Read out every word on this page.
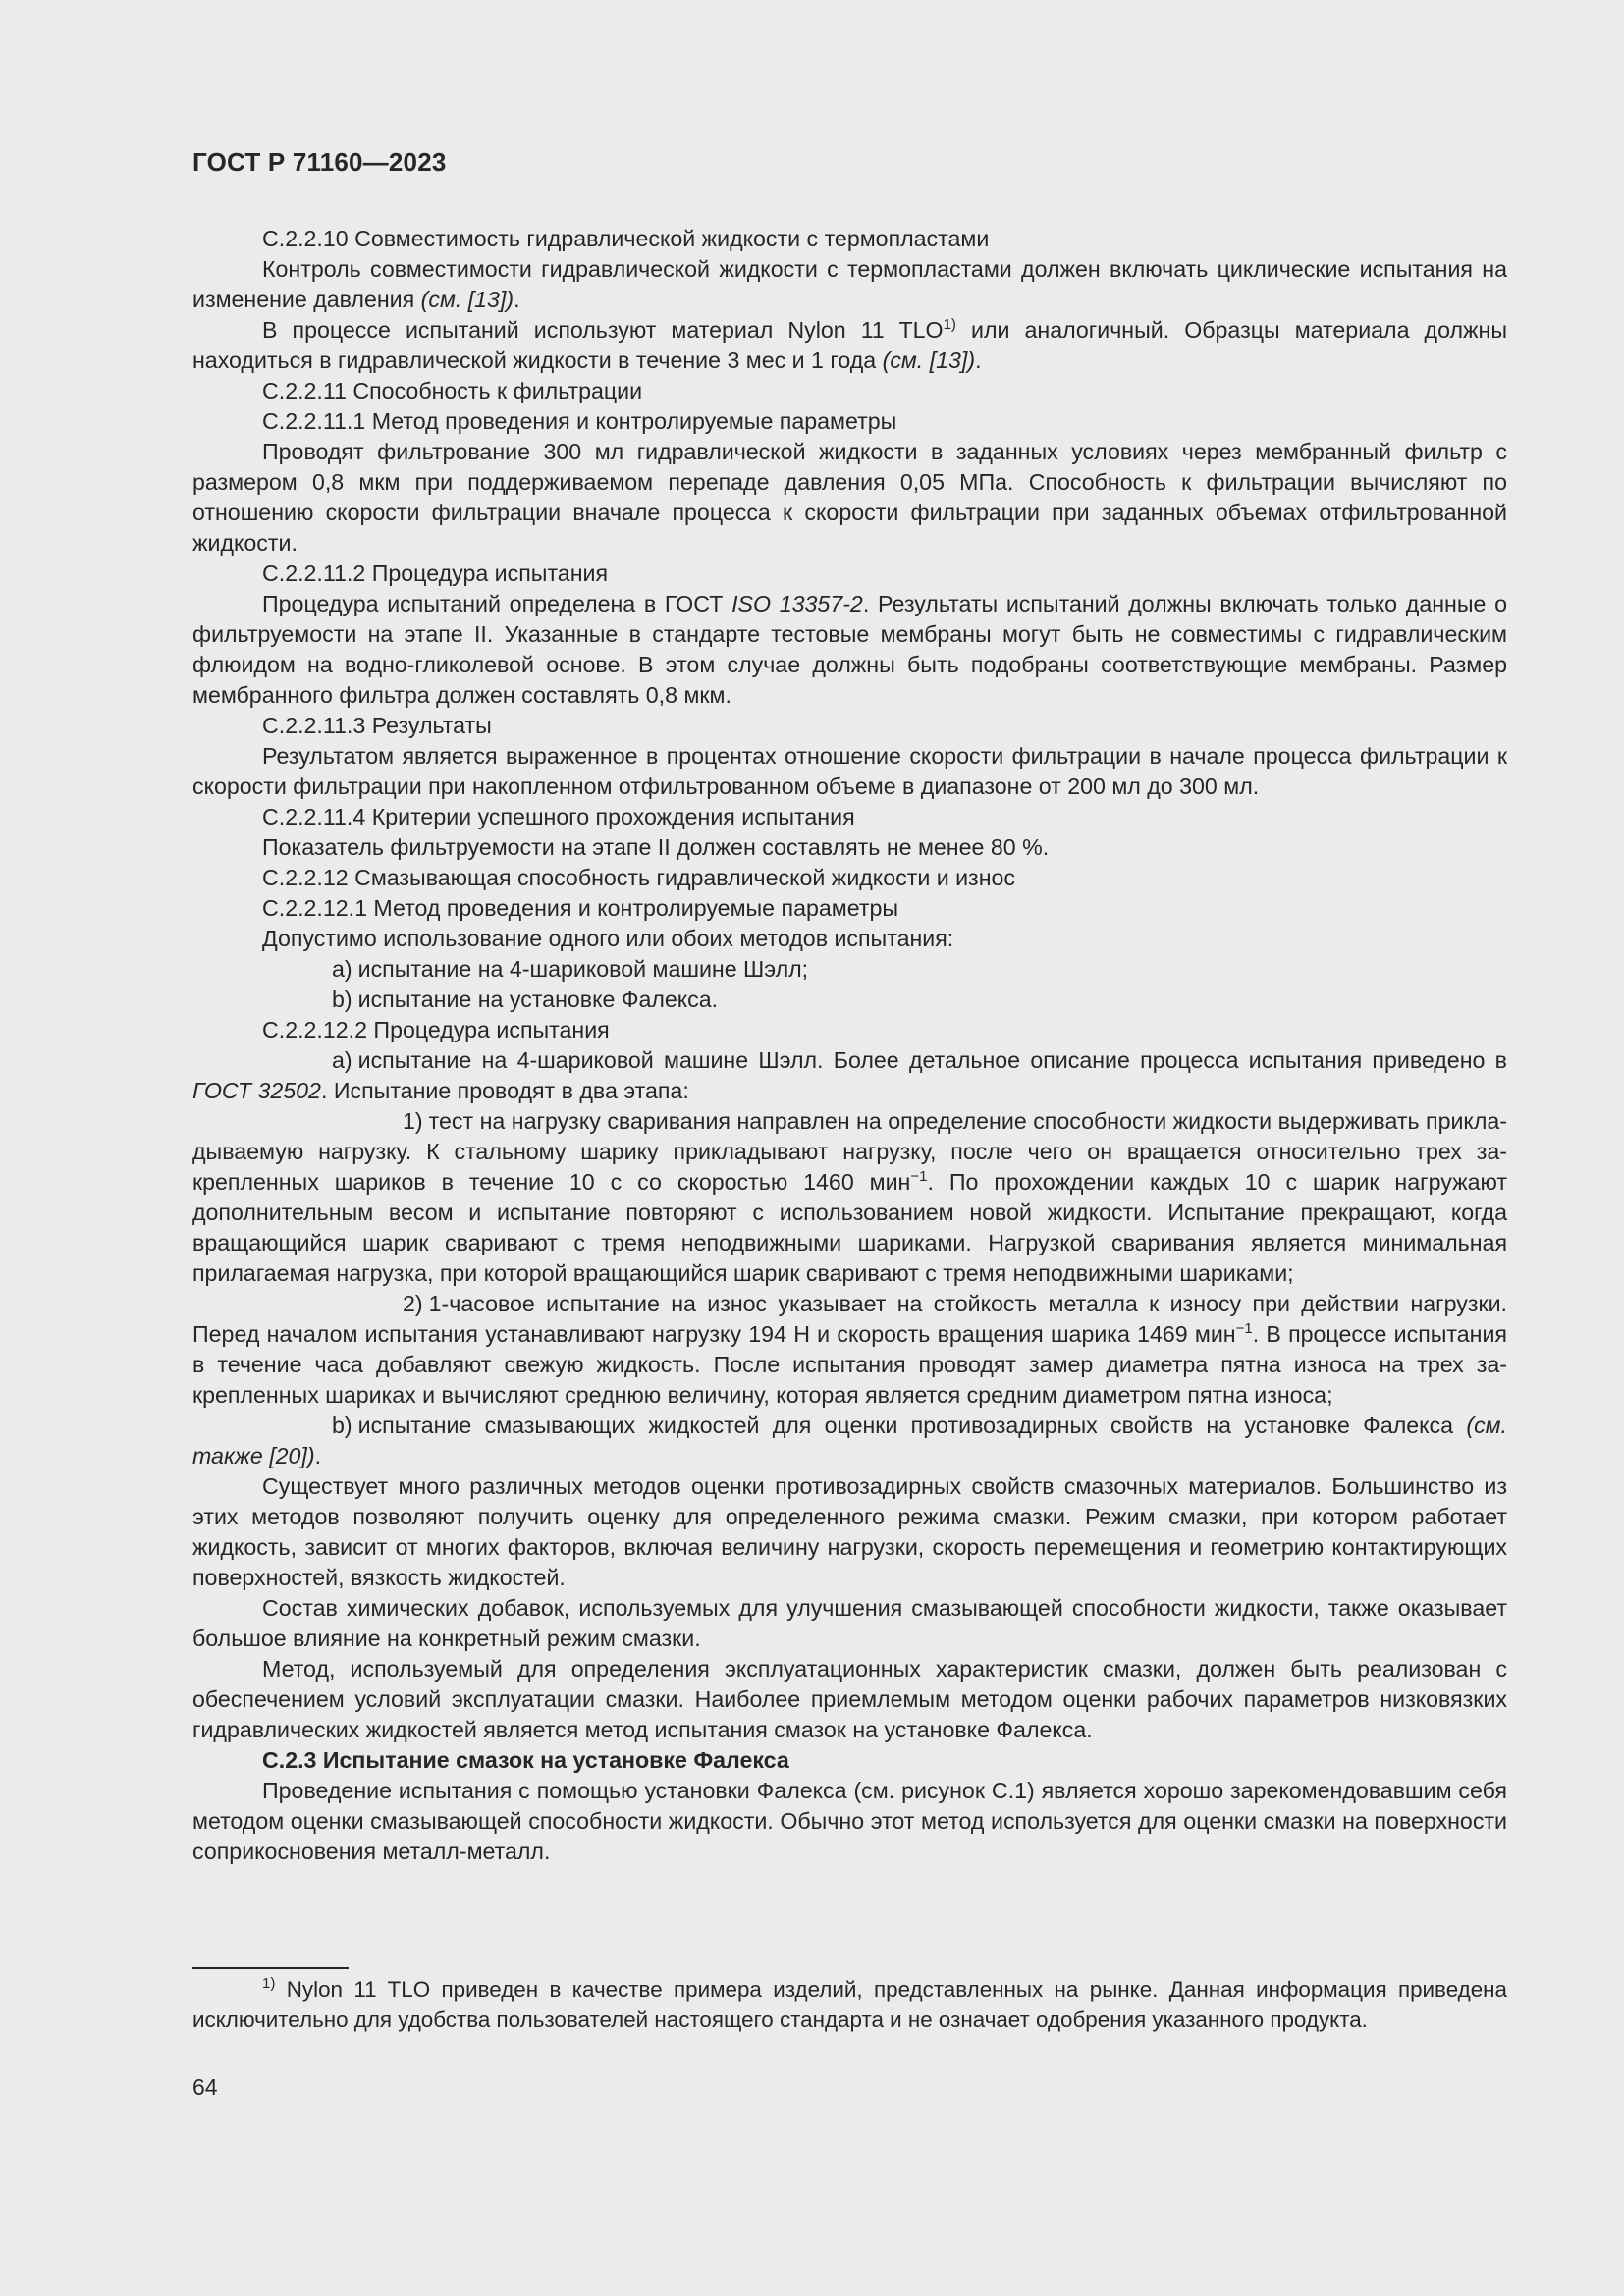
ГОСТ Р 71160—2023

С.2.2.10 Совместимость гидравлической жидкости с термопластами

Контроль совместимости гидравлической жидкости с термопластами должен включать циклические испытания на изменение давления (см. [13]).

В процессе испытаний используют материал Nylon 11 TLO$^{1)}$ или аналогичный. Образцы материала должны находиться в гидравлической жидкости в течение 3 мес и 1 года (см. [13]).

С.2.2.11 Способность к фильтрации

С.2.2.11.1 Метод проведения и контролируемые параметры

Проводят фильтрование 300 мл гидравлической жидкости в заданных условиях через мембранный фильтр с размером 0,8 мкм при поддерживаемом перепаде давления 0,05 МПа. Способность к фильтрации вычисляют по отношению скорости фильтрации вначале процесса к скорости фильтрации при заданных объемах отфильтрованной жидкости.

С.2.2.11.2 Процедура испытания

Процедура испытаний определена в ГОСТ ISO 13357-2. Результаты испытаний должны включать только данные о фильтруемости на этапе II. Указанные в стандарте тестовые мембраны могут быть не совместимы с гидравлическим флюидом на водно-гликолевой основе. В этом случае должны быть подобраны соответствующие мембраны. Размер мембранного фильтра должен составлять 0,8 мкм.

С.2.2.11.3 Результаты

Результатом является выраженное в процентах отношение скорости фильтрации в начале процесса фильтрации к скорости фильтрации при накопленном отфильтрованном объеме в диапазоне от 200 мл до 300 мл.

С.2.2.11.4 Критерии успешного прохождения испытания

Показатель фильтруемости на этапе II должен составлять не менее 80 %.

С.2.2.12 Смазывающая способность гидравлической жидкости и износ

С.2.2.12.1 Метод проведения и контролируемые параметры

Допустимо использование одного или обоих методов испытания:

a) испытание на 4-шариковой машине Шэлл;

b) испытание на установке Фалекса.

С.2.2.12.2 Процедура испытания

a) испытание на 4-шариковой машине Шэлл. Более детальное описание процесса испытания приведено в ГОСТ 32502. Испытание проводят в два этапа:

1) тест на нагрузку сваривания направлен на определение способности жидкости выдерживать прикладываемую нагрузку. К стальному шарику прикладывают нагрузку, после чего он вращается относительно трех закрепленных шариков в течение 10 с со скоростью 1460 мин$^{-1}$. По прохождении каждых 10 с шарик нагружают дополнительным весом и испытание повторяют с использованием новой жидкости. Испытание прекращают, когда вращающийся шарик сваривают с тремя неподвижными шариками. Нагрузкой сваривания является минимальная прилагаемая нагрузка, при которой вращающийся шарик сваривают с тремя неподвижными шариками;

2) 1-часовое испытание на износ указывает на стойкость металла к износу при действии нагрузки. Перед началом испытания устанавливают нагрузку 194 Н и скорость вращения шарика 1469 мин$^{-1}$. В процессе испытания в течение часа добавляют свежую жидкость. После испытания проводят замер диаметра пятна износа на трех закрепленных шариках и вычисляют среднюю величину, которая является средним диаметром пятна износа;

b) испытание смазывающих жидкостей для оценки противозадирных свойств на установке Фалекса (см. также [20]).

Существует много различных методов оценки противозадирных свойств смазочных материалов. Большинство из этих методов позволяют получить оценку для определенного режима смазки. Режим смазки, при котором работает жидкость, зависит от многих факторов, включая величину нагрузки, скорость перемещения и геометрию контактирующих поверхностей, вязкость жидкостей.

Состав химических добавок, используемых для улучшения смазывающей способности жидкости, также оказывает большое влияние на конкретный режим смазки.

Метод, используемый для определения эксплуатационных характеристик смазки, должен быть реализован с обеспечением условий эксплуатации смазки. Наиболее приемлемым методом оценки рабочих параметров низковязких гидравлических жидкостей является метод испытания смазок на установке Фалекса.

С.2.3 Испытание смазок на установке Фалекса

Проведение испытания с помощью установки Фалекса (см. рисунок С.1) является хорошо зарекомендовавшим себя методом оценки смазывающей способности жидкости. Обычно этот метод используется для оценки смазки на поверхности соприкосновения металл-металл.

$^{1)}$ Nylon 11 TLO приведен в качестве примера изделий, представленных на рынке. Данная информация приведена исключительно для удобства пользователей настоящего стандарта и не означает одобрения указанного продукта.

64
